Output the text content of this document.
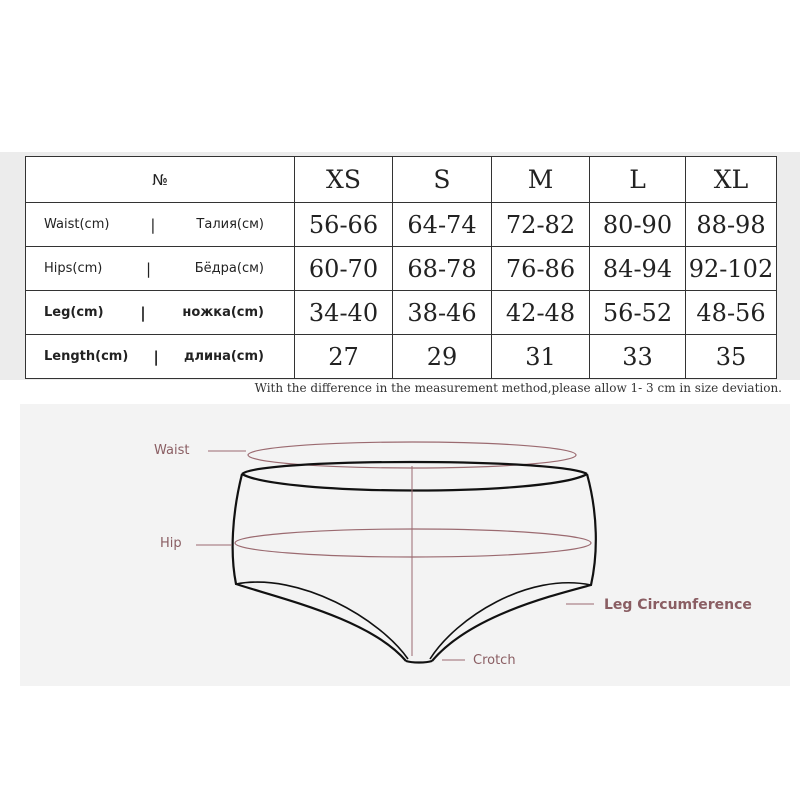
№	XS	S	M	L	XL

Waist(cm) | Талия(см)	56-66	64-74	72-82	80-90	88-98

Hips(cm) | Бёдра(см)	60-70	68-78	76-86	84-94	92-102

Leg(cm) | ножка(cm)	34-40	38-46	42-48	56-52	48-56

Length(cm) | длина(cm)	27	29	31	33	35
With the difference in the measurement method,please allow 1- 3 cm in size deviation.
Waist
Hip
Leg Circumference
Crotch
